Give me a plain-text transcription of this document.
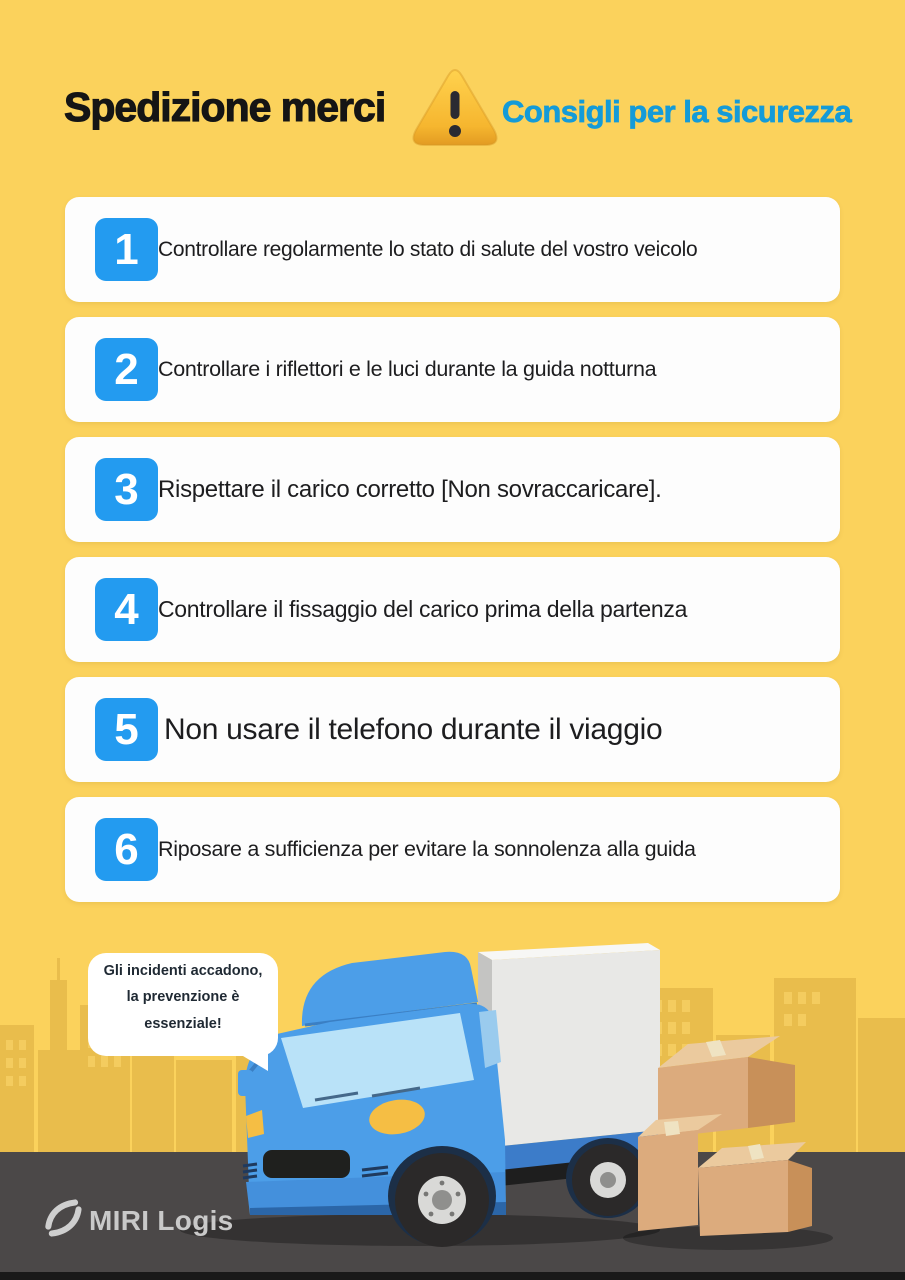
Spedizione merci	Consigli per la sicurezza
1 Controllare regolarmente lo stato di salute del vostro veicolo
2 Controllare i riflettori e le luci durante la guida notturna
3 Rispettare il carico corretto [Non sovraccaricare].
4 Controllare il fissaggio del carico prima della partenza
5 Non usare il telefono durante il viaggio
6 Riposare a sufficienza per evitare la sonnolenza alla guida
Gli incidenti accadono,
la prevenzione è essenziale!
MIRI Logis
